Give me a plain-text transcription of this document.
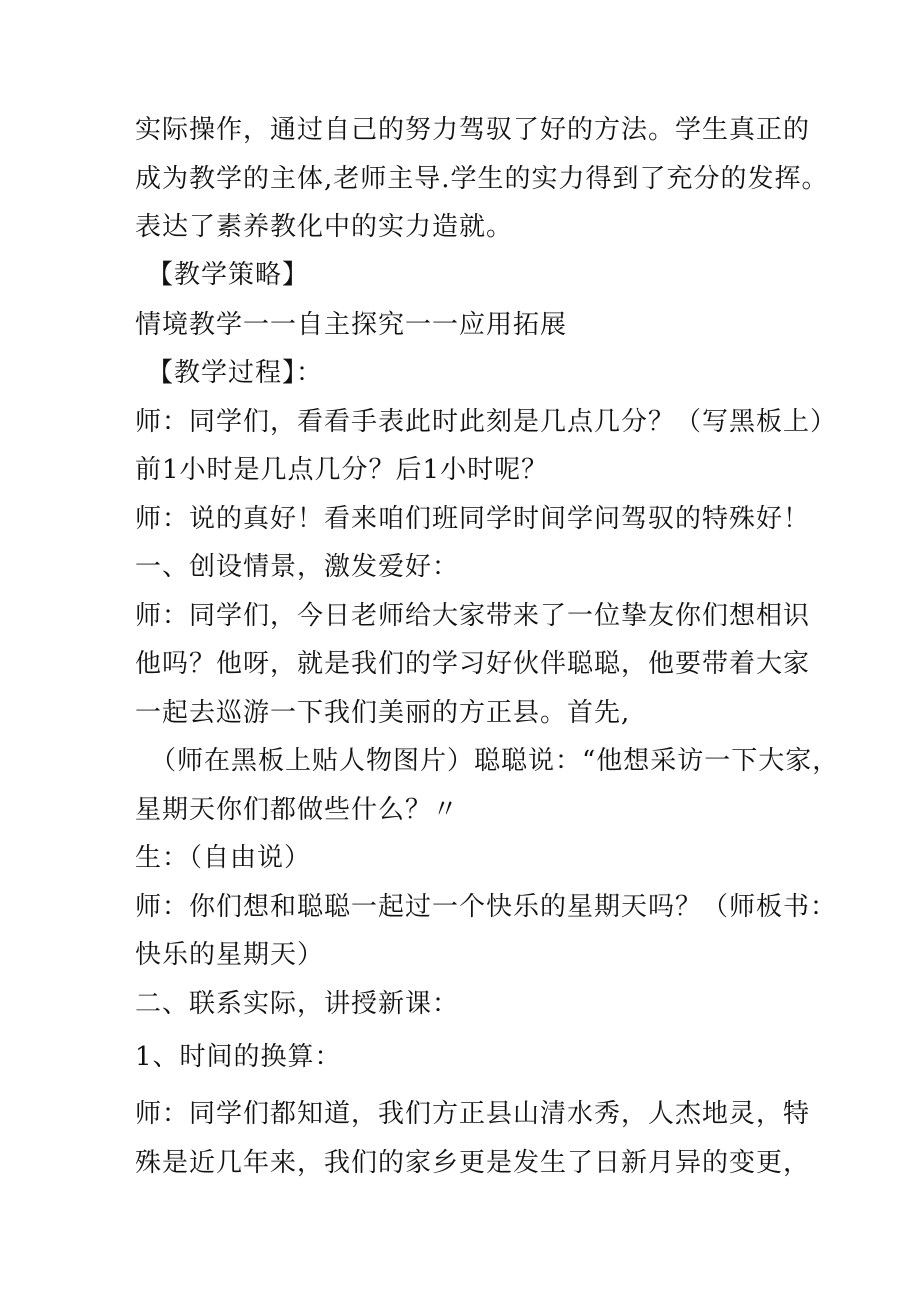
实际操作，通过自己的努力驾驭了好的方法。学生真正的
成为教学的主体,老师主导.学生的实力得到了充分的发挥。
表达了素养教化中的实力造就。
【教学策略】
情境教学一一自主探究一一应用拓展
【教学过程】：
师：同学们，看看手表此时此刻是几点几分？（写黑板上）
前1小时是几点几分？后1小时呢？
师：说的真好！看来咱们班同学时间学问驾驭的特殊好！
一、创设情景，激发爱好：
师：同学们，今日老师给大家带来了一位挚友你们想相识
他吗？他呀，就是我们的学习好伙伴聪聪，他要带着大家
一起去巡游一下我们美丽的方正县。首先,
（师在黑板上贴人物图片）聪聪说：“他想采访一下大家，
星期天你们都做些什么？〃
生：（自由说）
师：你们想和聪聪一起过一个快乐的星期天吗？（师板书：
快乐的星期天）
二、联系实际，讲授新课：
1、时间的换算：
师：同学们都知道，我们方正县山清水秀，人杰地灵，特
殊是近几年来，我们的家乡更是发生了日新月异的变更，
